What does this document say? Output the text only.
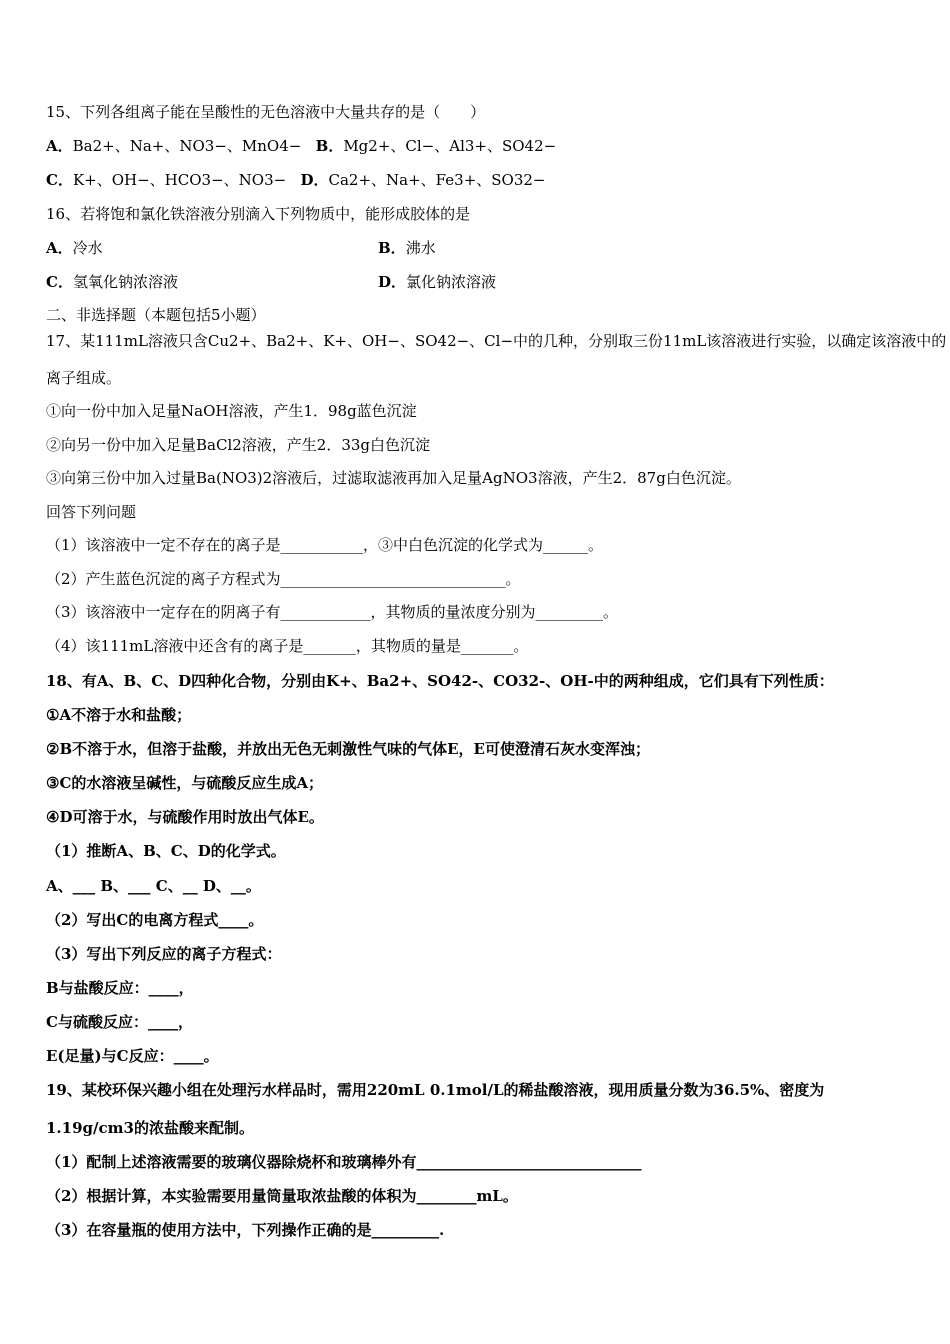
15、下列各组离子能在呈酸性的无色溶液中大量共存的是（　　）
A．Ba2+、Na+、NO3−、MnO4− B．Mg2+、Cl−、Al3+、SO42−
C．K+、OH−、HCO3−、NO3− D．Ca2+、Na+、Fe3+、SO32−
16、若将饱和氯化铁溶液分别滴入下列物质中，能形成胶体的是
A．冷水	B．沸水
C．氢氧化钠浓溶液	D．氯化钠浓溶液
二、非选择题（本题包括5小题）
17、某111mL溶液只含Cu2+、Ba2+、K+、OH−、SO42−、Cl−中的几种，分别取三份11mL该溶液进行实验，以确定该溶液中的
离子组成。
①向一份中加入足量NaOH溶液，产生1．98g蓝色沉淀
②向另一份中加入足量BaCl2溶液，产生2．33g白色沉淀
③向第三份中加入过量Ba(NO3)2溶液后，过滤取滤液再加入足量AgNO3溶液，产生2．87g白色沉淀。
回答下列问题
（1）该溶液中一定不存在的离子是___________，③中白色沉淀的化学式为______。
（2）产生蓝色沉淀的离子方程式为______________________________。
（3）该溶液中一定存在的阴离子有____________，其物质的量浓度分别为_________。
（4）该111mL溶液中还含有的离子是_______，其物质的量是_______。
18、有A、B、C、D四种化合物，分别由K+、Ba2+、SO42-、CO32-、OH-中的两种组成，它们具有下列性质：
①A不溶于水和盐酸；
②B不溶于水，但溶于盐酸，并放出无色无刺激性气味的气体E，E可使澄清石灰水变浑浊；
③C的水溶液呈碱性，与硫酸反应生成A；
④D可溶于水，与硫酸作用时放出气体E。
（1）推断A、B、C、D的化学式。
A、___ B、___ C、__ D、__。
（2）写出C的电离方程式____。
（3）写出下列反应的离子方程式：
B与盐酸反应：____，
C与硫酸反应：____，
E(足量)与C反应：____。
19、某校环保兴趣小组在处理污水样品时，需用220mL 0.1mol/L的稀盐酸溶液，现用质量分数为36.5%、密度为
1.19g/cm3的浓盐酸来配制。
（1）配制上述溶液需要的玻璃仪器除烧杯和玻璃棒外有______________________________
（2）根据计算，本实验需要用量筒量取浓盐酸的体积为________mL。
（3）在容量瓶的使用方法中，下列操作正确的是_________.
